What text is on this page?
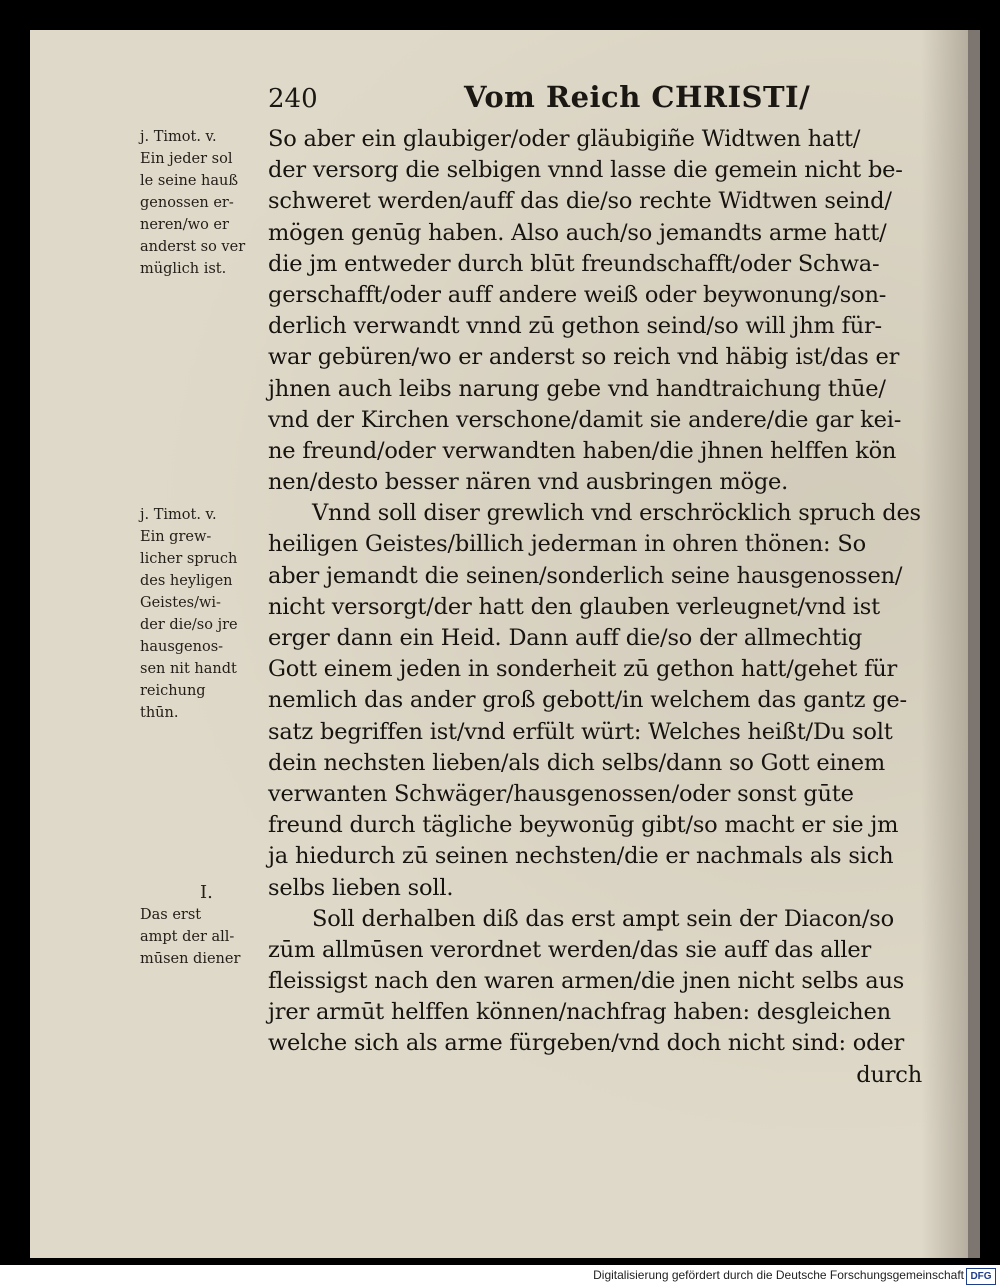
240	Vom Reich CHRISTI/
j. Timot. v.
Ein jeder sol
le seine hauß
genossen er-
neren/wo er
anderst so ver
müglich ist.
j. Timot. v.
Ein grew-
licher spruch
des heyligen
Geistes/wi-
der die/so jre
hausgenos-
sen nit handt
reichung
thūn.
I.
Das erst
ampt der all-
mūsen diener
So aber ein glaubiger/oder gläubigiñe Widtwen hatt/
der versorg die selbigen vnnd lasse die gemein nicht be-
schweret werden/auff das die/so rechte Widtwen seind/
mögen genūg haben. Also auch/so jemandts arme hatt/
die jm entweder durch blūt freundschafft/oder Schwa-
gerschafft/oder auff andere weiß oder beywonung/son-
derlich verwandt vnnd zū gethon seind/so will jhm für-
war gebüren/wo er anderst so reich vnd häbig ist/das er
jhnen auch leibs narung gebe vnd handtraichung thūe/
vnd der Kirchen verschone/damit sie andere/die gar kei-
ne freund/oder verwandten haben/die jhnen helffen kön
nen/desto besser nären vnd ausbringen möge.
Vnnd soll diser grewlich vnd erschröcklich spruch des
heiligen Geistes/billich jederman in ohren thönen: So
aber jemandt die seinen/sonderlich seine hausgenossen/
nicht versorgt/der hatt den glauben verleugnet/vnd ist
erger dann ein Heid. Dann auff die/so der allmechtig
Gott einem jeden in sonderheit zū gethon hatt/gehet für
nemlich das ander groß gebott/in welchem das gantz ge-
satz begriffen ist/vnd erfült würt: Welches heißt/Du solt
dein nechsten lieben/als dich selbs/dann so Gott einem
verwanten Schwäger/hausgenossen/oder sonst gūte
freund durch tägliche beywonūg gibt/so macht er sie jm
ja hiedurch zū seinen nechsten/die er nachmals als sich
selbs lieben soll.
Soll derhalben diß das erst ampt sein der Diacon/so
zūm allmūsen verordnet werden/das sie auff das aller
fleissigst nach den waren armen/die jnen nicht selbs aus
jrer armūt helffen können/nachfrag haben: desgleichen
welche sich als arme fürgeben/vnd doch nicht sind: oder
durch
Digitalisierung gefördert durch die Deutsche Forschungsgemeinschaft DFG
